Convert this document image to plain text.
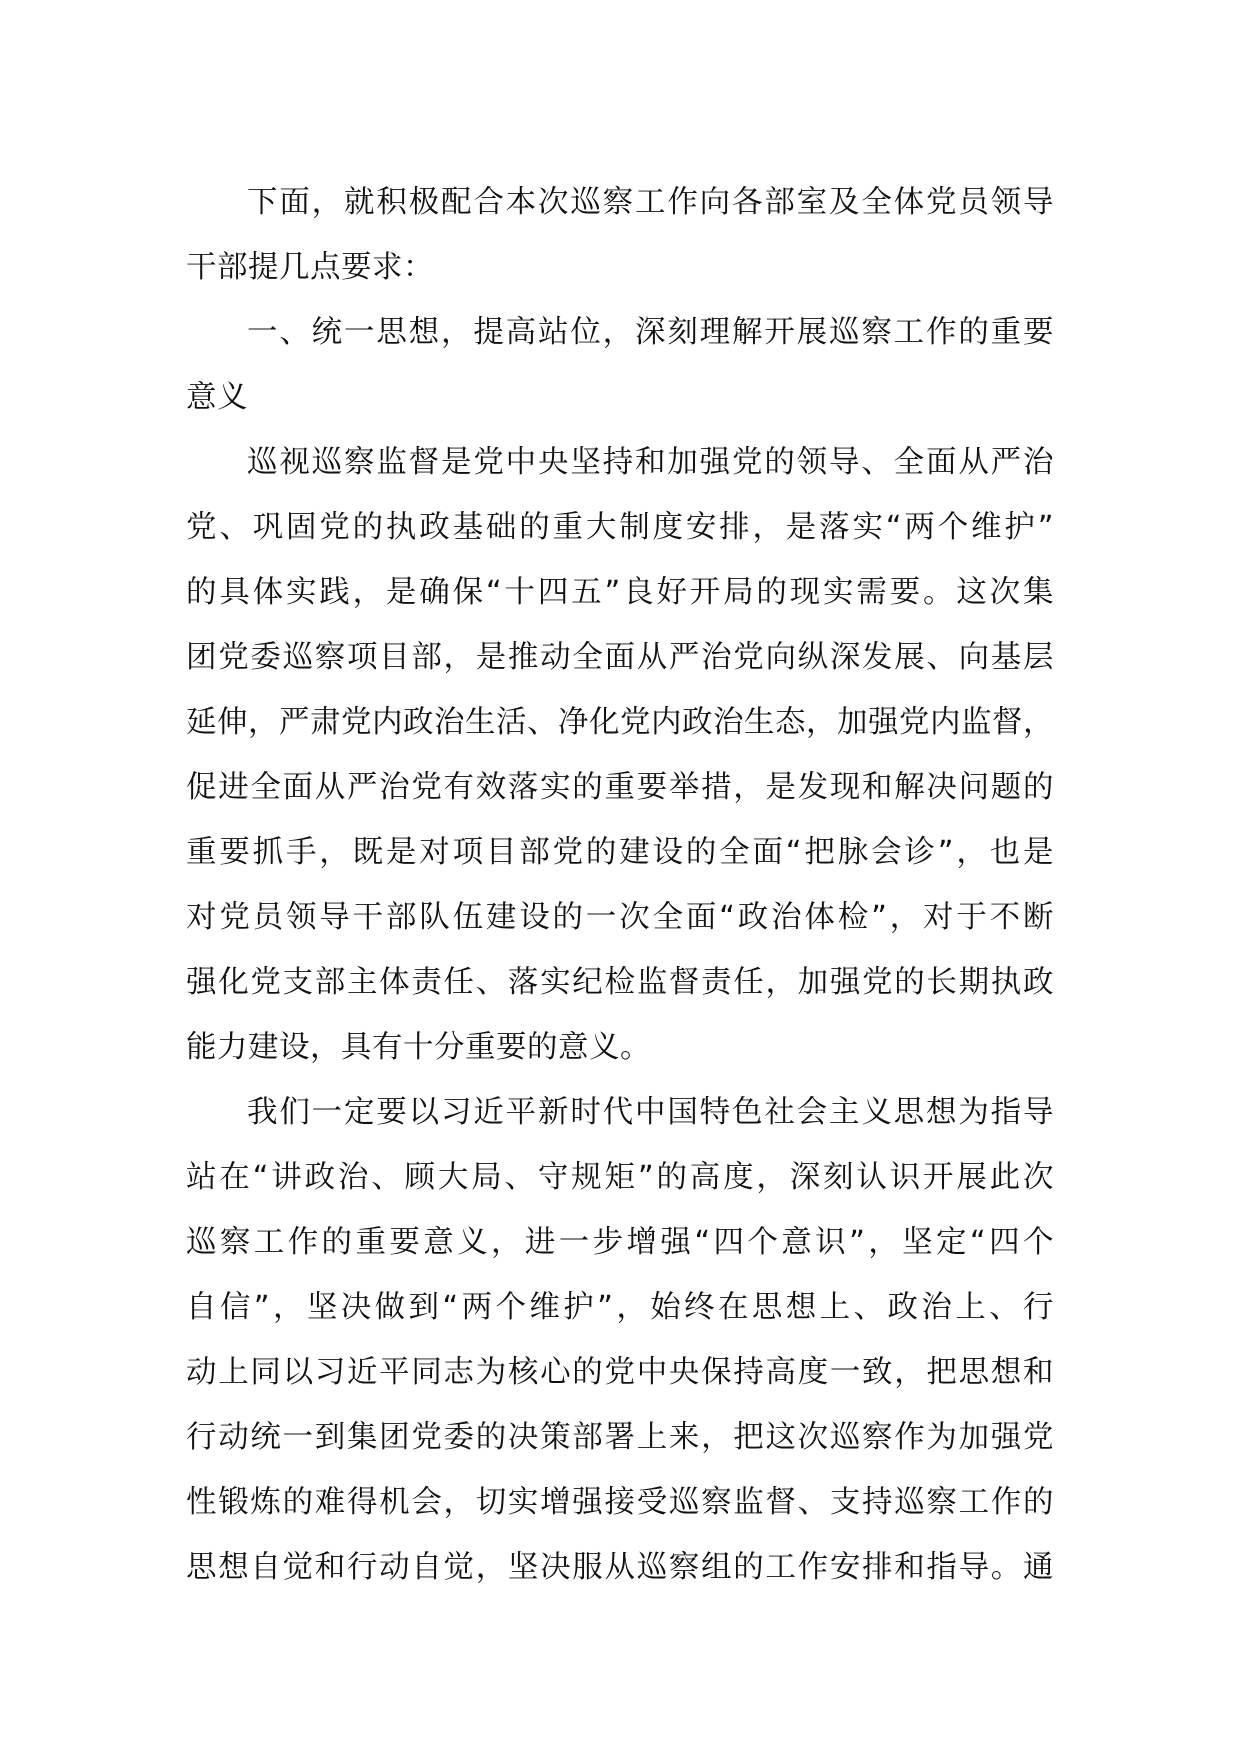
下面，就积极配合本次巡察工作向各部室及全体党员领导
干部提几点要求：
一、统一思想，提高站位，深刻理解开展巡察工作的重要
意义
巡视巡察监督是党中央坚持和加强党的领导、全面从严治
党、巩固党的执政基础的重大制度安排，是落实“两个维护”
的具体实践，是确保“十四五”良好开局的现实需要。这次集
团党委巡察项目部，是推动全面从严治党向纵深发展、向基层
延伸，严肃党内政治生活、净化党内政治生态，加强党内监督，
促进全面从严治党有效落实的重要举措，是发现和解决问题的
重要抓手，既是对项目部党的建设的全面“把脉会诊”，也是
对党员领导干部队伍建设的一次全面“政治体检”，对于不断
强化党支部主体责任、落实纪检监督责任，加强党的长期执政
能力建设，具有十分重要的意义。
我们一定要以习近平新时代中国特色社会主义思想为指导
站在“讲政治、顾大局、守规矩”的高度，深刻认识开展此次
巡察工作的重要意义，进一步增强“四个意识”，坚定“四个
自信”，坚决做到“两个维护”，始终在思想上、政治上、行
动上同以习近平同志为核心的党中央保持高度一致，把思想和
行动统一到集团党委的决策部署上来，把这次巡察作为加强党
性锻炼的难得机会，切实增强接受巡察监督、支持巡察工作的
思想自觉和行动自觉，坚决服从巡察组的工作安排和指导。通
